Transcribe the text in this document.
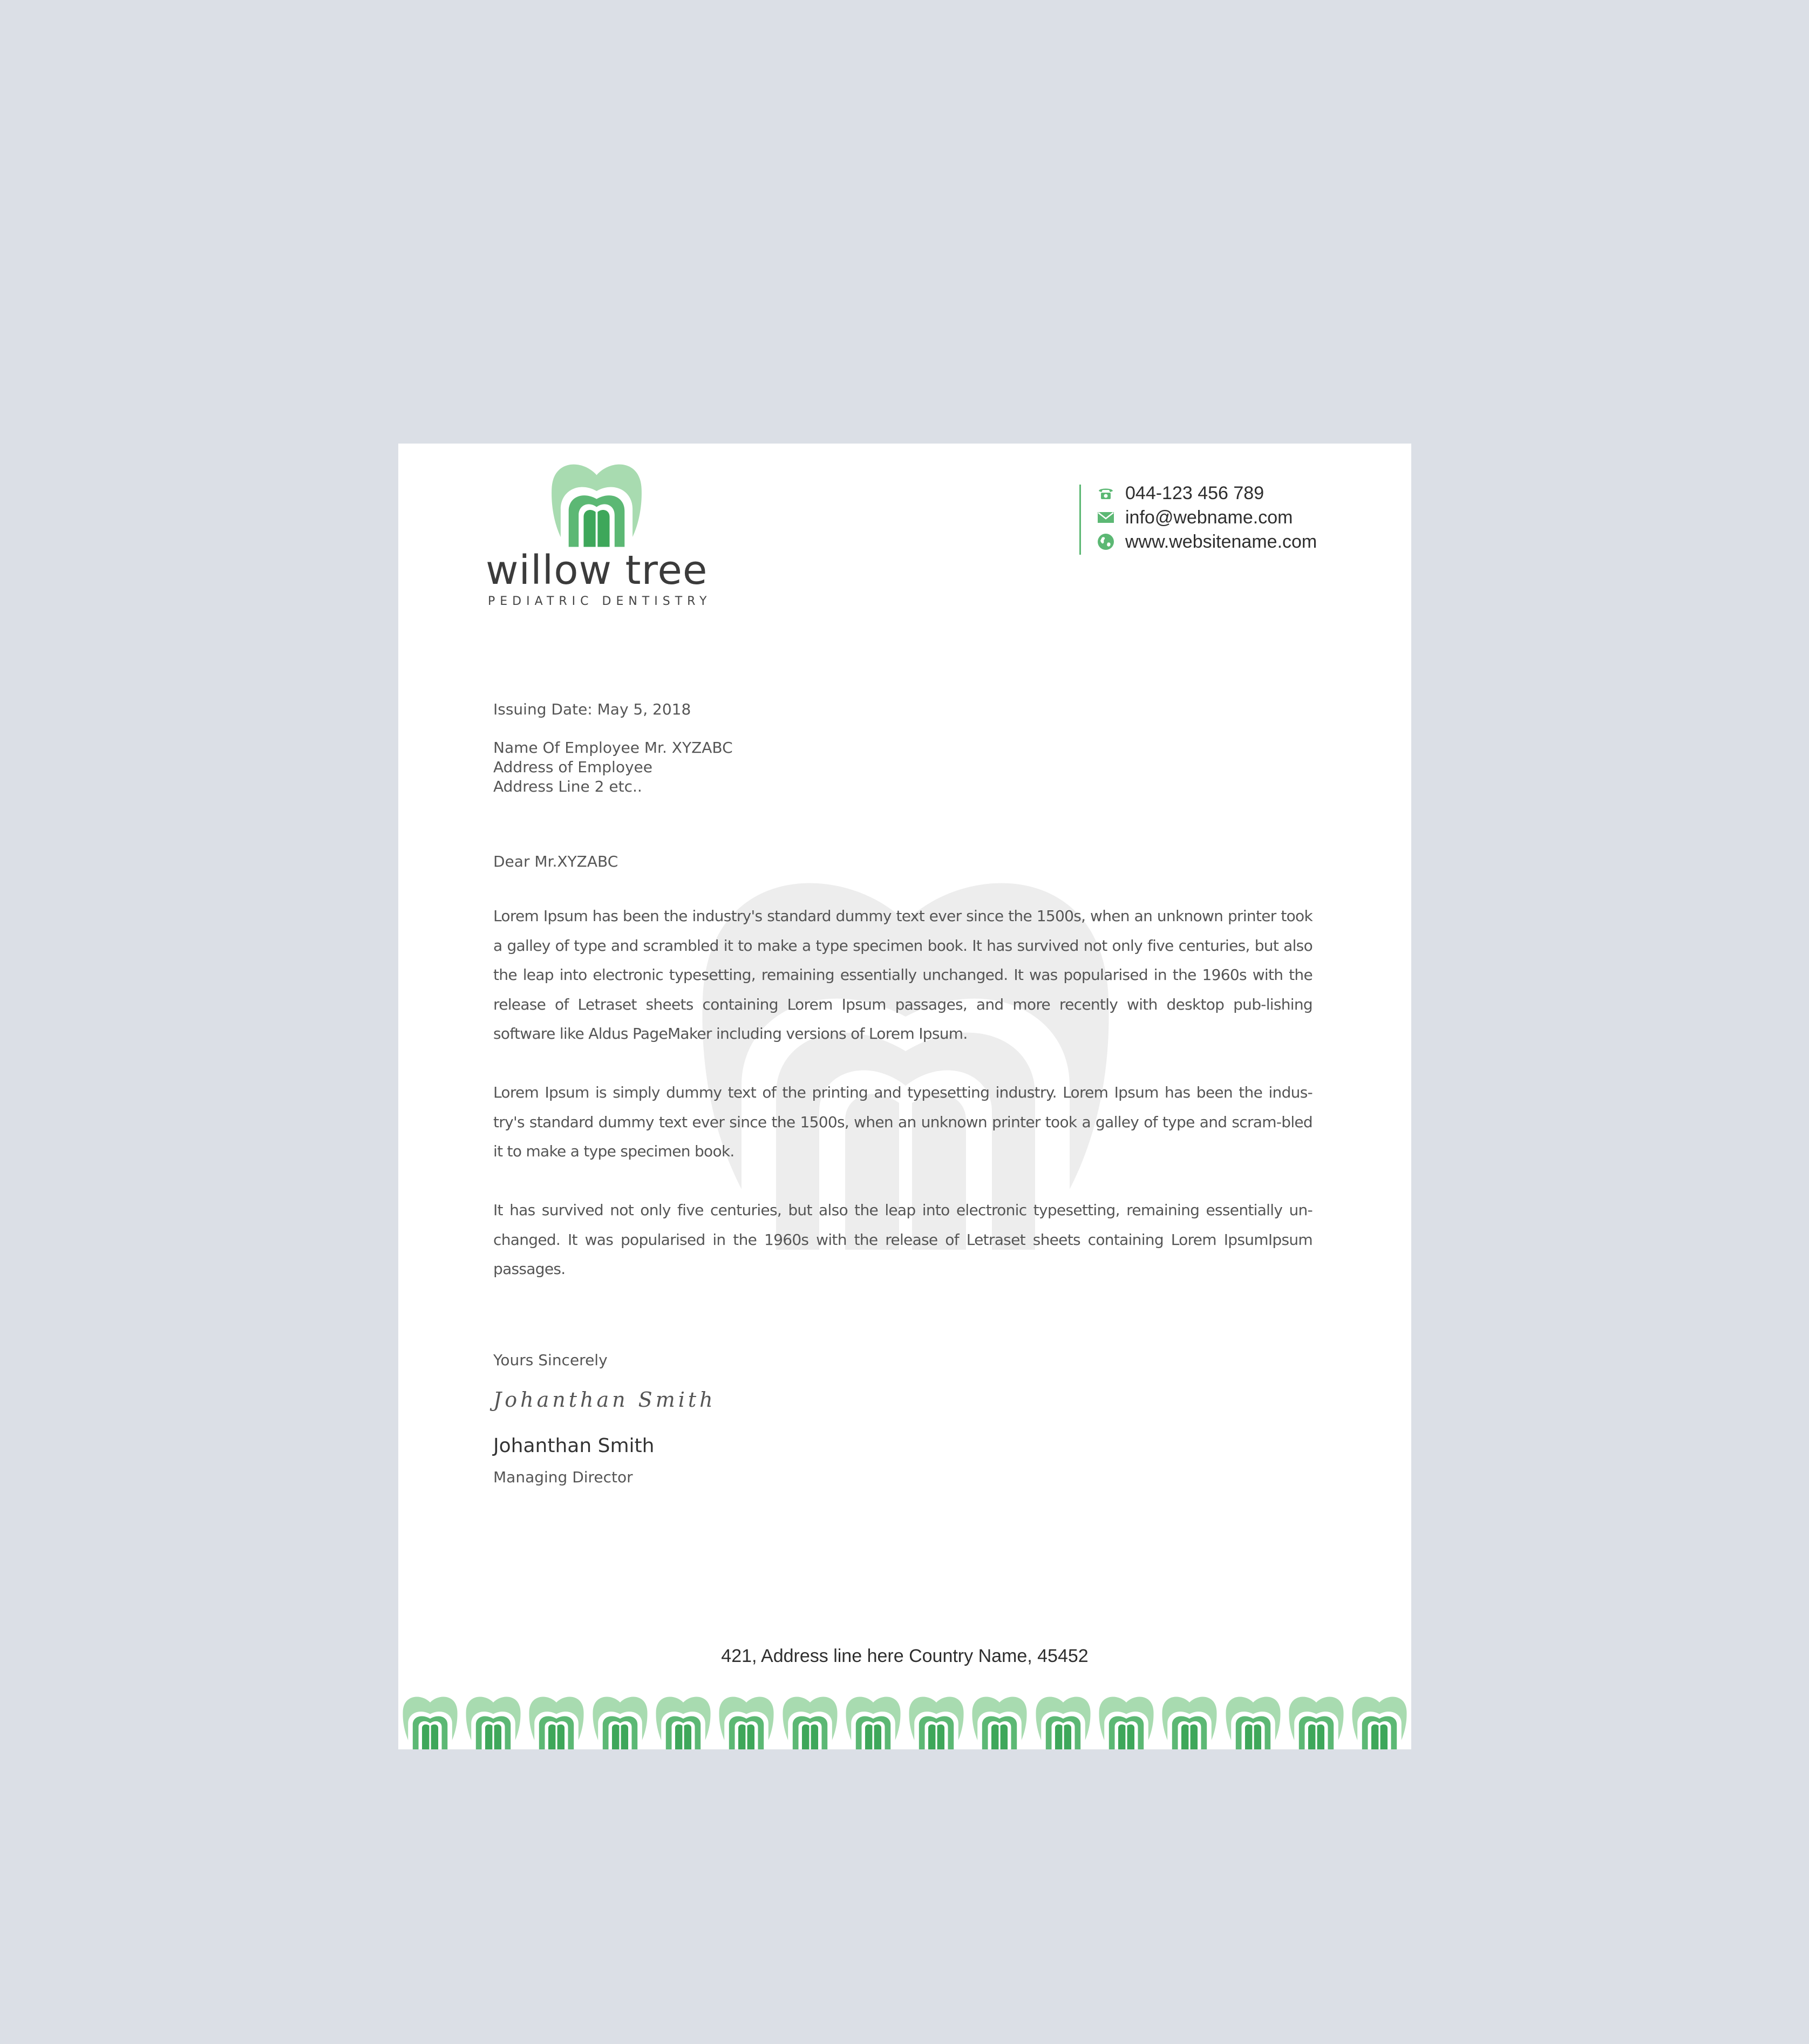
willow tree
PEDIATRIC DENTISTRY
044-123 456 789
info@webname.com
www.websitename.com
Issuing Date: May 5, 2018
Name Of Employee Mr. XYZABC
Address of Employee
Address Line 2 etc..
Dear Mr.XYZABC
Lorem Ipsum has been the industry's standard dummy text ever since the 1500s, when an unknown printer took a galley of type and scrambled it to make a type specimen book. It has survived not only five centuries, but also the leap into electronic typesetting, remaining essentially unchanged. It was popularised in the 1960s with the release of Letraset sheets containing Lorem Ipsum passages, and more recently with desktop pub-lishing software like Aldus PageMaker including versions of Lorem Ipsum.
Lorem Ipsum is simply dummy text of the printing and typesetting industry. Lorem Ipsum has been the indus-try's standard dummy text ever since the 1500s, when an unknown printer took a galley of type and scram-bled it to make a type specimen book.
It has survived not only five centuries, but also the leap into electronic typesetting, remaining essentially un-changed. It was popularised in the 1960s with the release of Letraset sheets containing Lorem IpsumIpsum passages.
Yours Sincerely
Johanthan Smith
Johanthan Smith
Managing Director
421, Address line here Country Name, 45452
